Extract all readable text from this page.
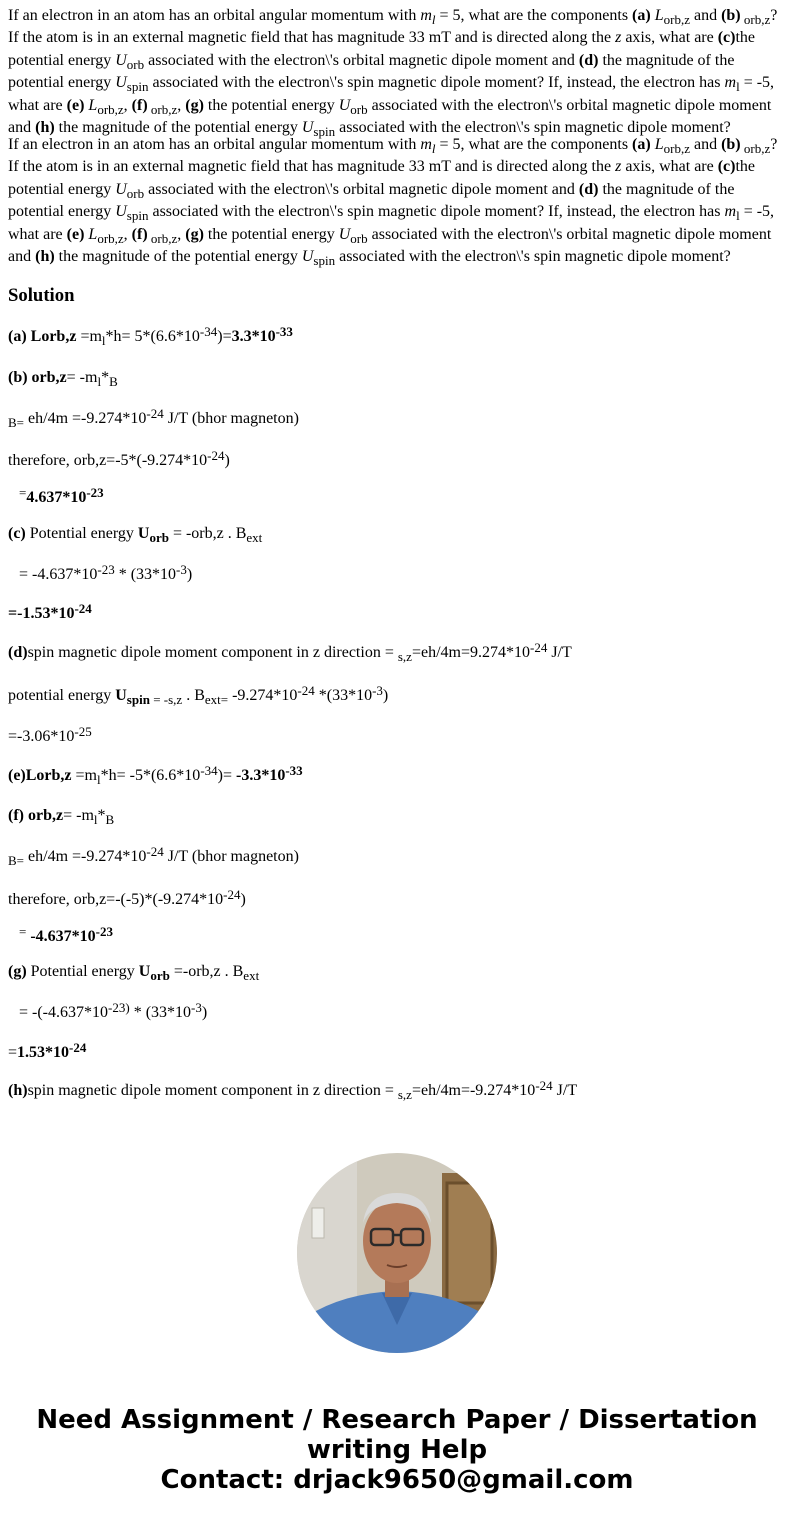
If an electron in an atom has an orbital angular momentum with $m_l = 5$, what are the components (a) $L_{orb,z}$ and (b) $_{orb,z}$?
If the atom is in an external magnetic field that has magnitude 33 mT and is directed along the z axis, what are (c)the
potential energy $U_{orb}$ associated with the electron\'s orbital magnetic dipole moment and (d) the magnitude of the
potential energy $U_{spin}$ associated with the electron\'s spin magnetic dipole moment? If, instead, the electron has $m_l = -5$,
what are (e) $L_{orb,z}$, (f) $_{orb,z}$, (g) the potential energy $U_{orb}$ associated with the electron\'s orbital magnetic dipole moment
and (h) the magnitude of the potential energy $U_{spin}$ associated with the electron\'s spin magnetic dipole moment?
If an electron in an atom has an orbital angular momentum with $m_l = 5$, what are the components (a) $L_{orb,z}$ and (b) $_{orb,z}$?
If the atom is in an external magnetic field that has magnitude 33 mT and is directed along the z axis, what are (c)the
potential energy $U_{orb}$ associated with the electron\'s orbital magnetic dipole moment and (d) the magnitude of the
potential energy $U_{spin}$ associated with the electron\'s spin magnetic dipole moment? If, instead, the electron has $m_l = -5$,
what are (e) $L_{orb,z}$, (f) $_{orb,z}$, (g) the potential energy $U_{orb}$ associated with the electron\'s orbital magnetic dipole moment
and (h) the magnitude of the potential energy $U_{spin}$ associated with the electron\'s spin magnetic dipole moment?
Solution
(a) Lorb,z $=m_l*h= 5*(6.6*10^{-34})=3.3*10^{-33}$
(b) $orb,z= -m_l*_B$
$_{B=}$ $eh/4m =-9.274*10^{-24}$ J/T (bhor magneton)
therefore, $orb,z=-5*(-9.274*10^{-24})$
$^=4.637*10^{-23}$
(c) Potential energy $U_{orb} = -orb,z$ . $B_{ext}$
= $-4.637*10^{-23} * (33*10^{-3})$
$=-1.53*10^{-24}$
(d)spin magnetic dipole moment component in z direction = $_{s,z}=eh/4m=9.274*10^{-24}$ J/T
potential energy $U_{spin}$ $_{= -s,z}$ . $B_{ext=}$ $-9.274*10^{-24}$ $*(33*10^{-3})$
$=-3.06*10^{-25}$
(e)Lorb,z $=m_l*h= -5*(6.6*10^{-34})= -3.3*10^{-33}$
(f) $orb,z= -m_l*_B$
$_{B=}$ $eh/4m =-9.274*10^{-24}$ J/T (bhor magneton)
therefore, $orb,z=-(-5)*(-9.274*10^{-24})$
= $-4.637*10^{-23}$
(g) Potential energy $U_{orb} =-orb,z$ . $B_{ext}$
= $-(-4.637*10^{-23)} * (33*10^{-3})$
$=1.53*10^{-24}$
(h)spin magnetic dipole moment component in z direction = $_{s,z}=eh/4m=-9.274*10^{-24}$ J/T
Need Assignment / Research Paper / Dissertation
writing Help
Contact: drjack9650@gmail.com
